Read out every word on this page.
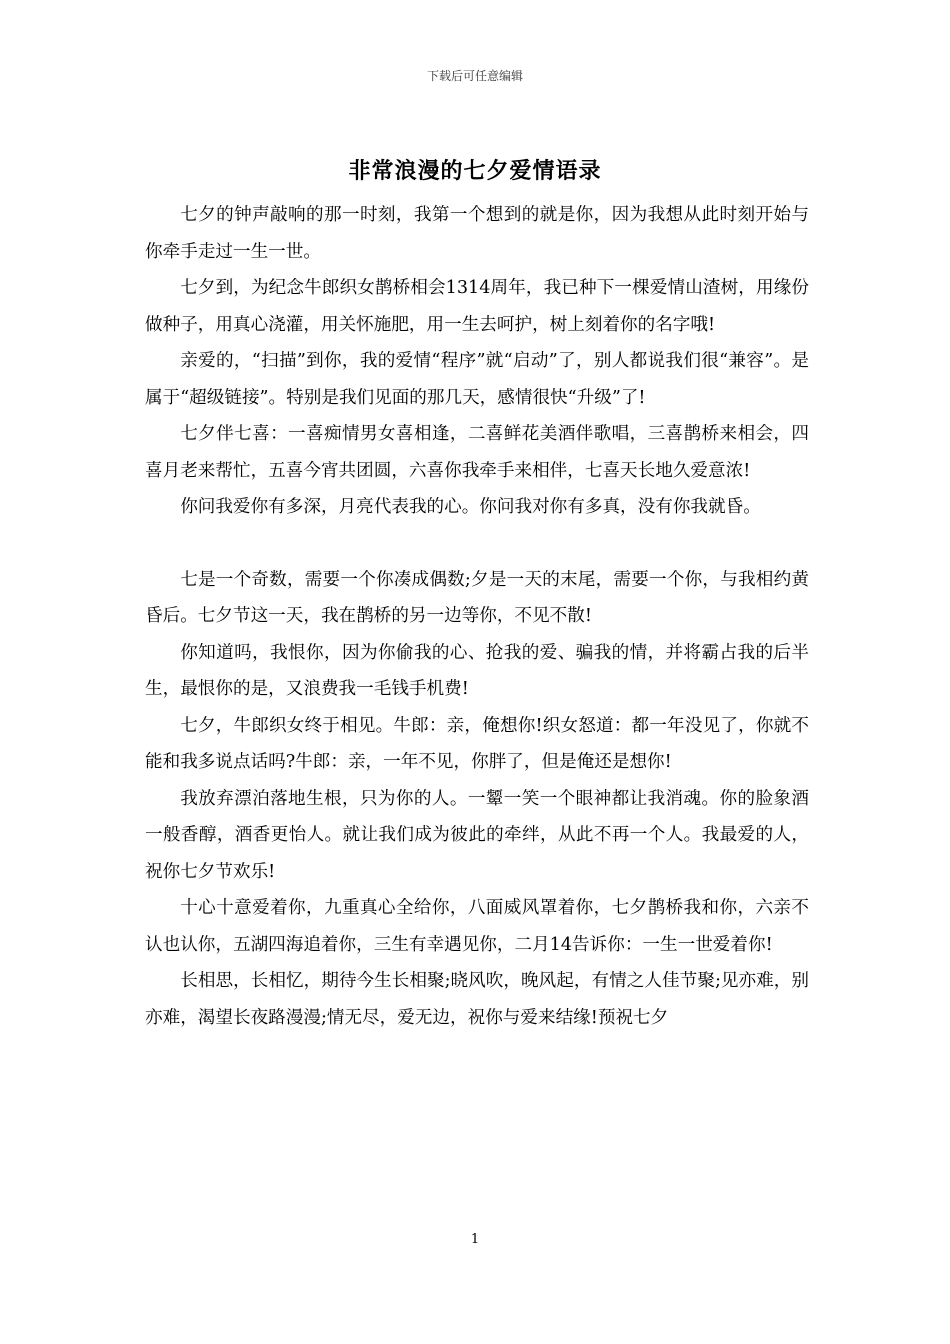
下载后可任意编辑
非常浪漫的七夕爱情语录

七夕的钟声敲响的那一时刻，我第一个想到的就是你，因为我想从此时刻开始与你牵手走过一生一世。

七夕到，为纪念牛郎织女鹊桥相会1314周年，我已种下一棵爱情山渣树，用缘份做种子，用真心浇灌，用关怀施肥，用一生去呵护，树上刻着你的名字哦!

亲爱的，“扫描”到你，我的爱情“程序”就“启动”了，别人都说我们很“兼容”。是属于“超级链接”。特别是我们见面的那几天，感情很快“升级”了!

七夕伴七喜：一喜痴情男女喜相逢，二喜鲜花美酒伴歌唱，三喜鹊桥来相会，四喜月老来帮忙，五喜今宵共团圆，六喜你我牵手来相伴，七喜天长地久爱意浓!

你问我爱你有多深，月亮代表我的心。你问我对你有多真，没有你我就昏。

七是一个奇数，需要一个你凑成偶数;夕是一天的末尾，需要一个你，与我相约黄昏后。七夕节这一天，我在鹊桥的另一边等你，不见不散!

你知道吗，我恨你，因为你偷我的心、抢我的爱、骗我的情，并将霸占我的后半生，最恨你的是，又浪费我一毛钱手机费!

七夕，牛郎织女终于相见。牛郎：亲，俺想你!织女怒道：都一年没见了，你就不能和我多说点话吗?牛郎：亲，一年不见，你胖了，但是俺还是想你!

我放弃漂泊落地生根，只为你的人。一颦一笑一个眼神都让我消魂。你的脸象酒一般香醇，酒香更怡人。就让我们成为彼此的牵绊，从此不再一个人。我最爱的人，祝你七夕节欢乐!

十心十意爱着你，九重真心全给你，八面威风罩着你，七夕鹊桥我和你，六亲不认也认你，五湖四海追着你，三生有幸遇见你，二月14告诉你：一生一世爱着你!

长相思，长相忆，期待今生长相聚;晓风吹，晚风起，有情之人佳节聚;见亦难，别亦难，渴望长夜路漫漫;情无尽，爱无边，祝你与爱来结缘!预祝七夕

1
